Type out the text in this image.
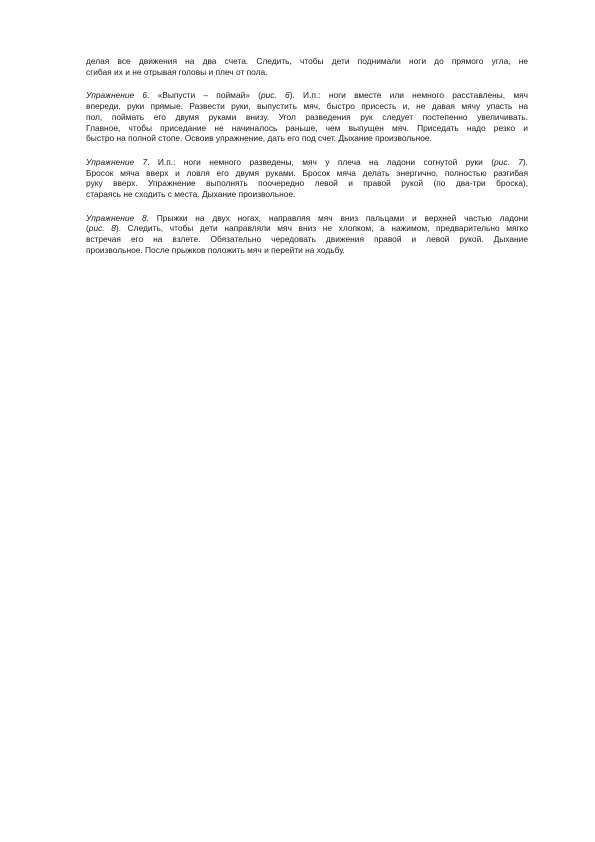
делая все движения на два счета. Следить, чтобы дети поднимали ноги до прямого угла, не
сгибая их и не отрывая головы и плеч от пола.
Упражнение 6. «Выпусти – поймай» (рис. 6). И.п.: ноги вместе или немного расставлены, мяч
впереди, руки прямые. Развести руки, выпустить мяч, быстро присесть и, не давая мячу упасть на
пол, поймать его двумя руками внизу. Угол разведения рук следует постепенно увеличивать.
Главное, чтобы приседание не начиналось раньше, чем выпущен мяч. Приседать надо резко и
быстро на полной стопе. Освоив упражнение, дать его под счет. Дыхание произвольное.
Упражнение 7. И.п.: ноги немного разведены, мяч у плеча на ладони согнутой руки (рис. 7).
Бросок мяча вверх и ловля его двумя руками. Бросок мяча делать энергично, полностью разгибая
руку вверх. Упражнение выполнять поочередно левой и правой рукой (по два-три броска),
стараясь не сходить с места. Дыхание произвольное.
Упражнение 8. Прыжки на двух ногах, направляя мяч вниз пальцами и верхней частью ладони
(рис. 8). Следить, чтобы дети направляли мяч вниз не хлопком, а нажимом, предварительно мягко
встречая его на взлете. Обязательно чередовать движения правой и левой рукой. Дыхание
произвольное. После прыжков положить мяч и перейти на ходьбу.
